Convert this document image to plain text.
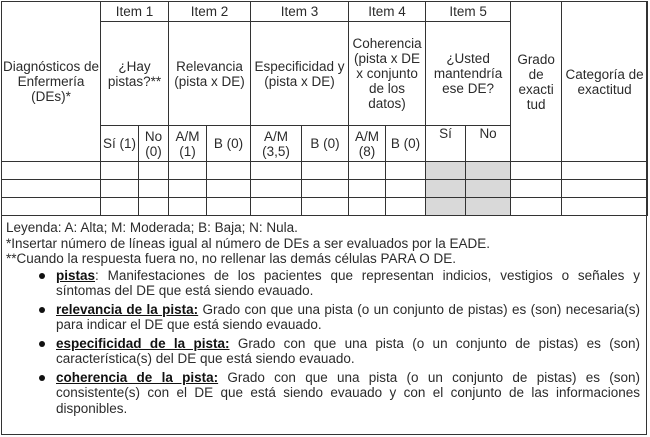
Diagnósticos de Enfermería (DEs)*	Item 1		Item 2		Item 3		Item 4		Item 5		Grado de exacti tud	Categoría de exactitud
	¿Hay pistas?**		Relevancia (pista x DE)		Especificidad y (pista x DE)		Coherencia (pista x DE x conjunto de los datos)		¿Usted mantendría ese DE?			
	Sí (1)	No (0)	A/M (1)	B (0)	A/M (3,5)	B (0)	A/M (8)	B (0)	Sí	No		

Leyenda: A: Alta; M: Moderada; B: Baja; N: Nula.

*Insertar número de líneas igual al número de DEs a ser evaluados por la EADE.

**Cuando la respuesta fuera no, no rellenar las demás células PARA O DE.

pistas: Manifestaciones de los pacientes que representan indicios, vestigios o señales y síntomas del DE que está siendo evauado.
relevancia de la pista: Grado con que una pista (o un conjunto de pistas) es (son) necesaria(s) para indicar el DE que está siendo evauado.
especificidad de la pista: Grado con que una pista (o un conjunto de pistas) es (son) característica(s) del DE que está siendo evauado.
coherencia de la pista: Grado con que una pista (o un conjunto de pistas) es (son) consistente(s) con el DE que está siendo evauado y con el conjunto de las informaciones disponibles.
